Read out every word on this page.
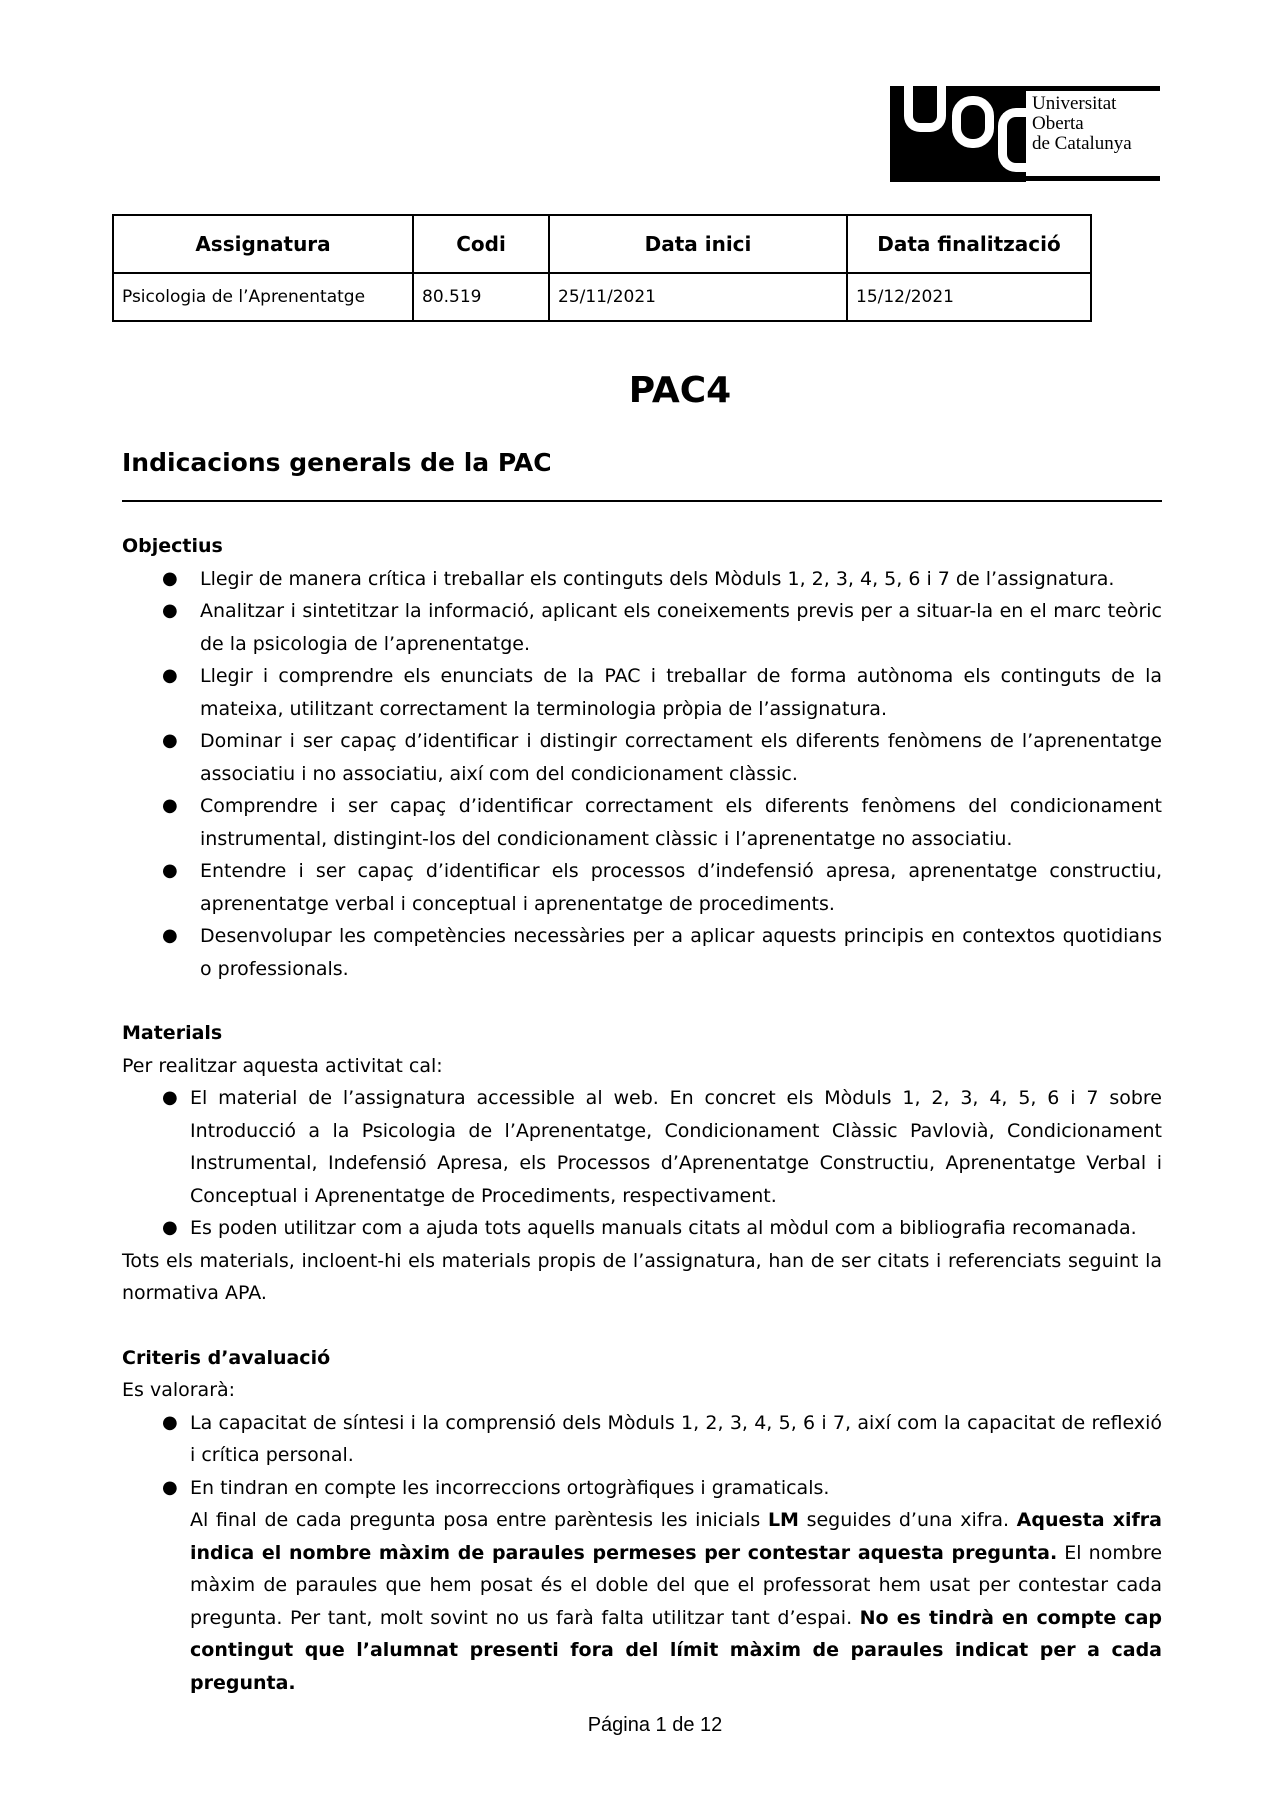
Universitat
Oberta
de Catalunya
Assignatura	Codi	Data inici	Data finalització
Psicologia de l’Aprenentatge	80.519	25/11/2021	15/12/2021
PAC4
Indicacions generals de la PAC

Objectius

● Llegir de manera crítica i treballar els continguts dels Mòduls 1, 2, 3, 4, 5, 6 i 7 de l’assignatura.
● Analitzar i sintetitzar la informació, aplicant els coneixements previs per a situar-la en el marc teòric de la psicologia de l’aprenentatge.
● Llegir i comprendre els enunciats de la PAC i treballar de forma autònoma els continguts de la mateixa, utilitzant correctament la terminologia pròpia de l’assignatura.
● Dominar i ser capaç d’identificar i distingir correctament els diferents fenòmens de l’aprenentatge associatiu i no associatiu, així com del condicionament clàssic.
● Comprendre i ser capaç d’identificar correctament els diferents fenòmens del condicionament instrumental, distingint-los del condicionament clàssic i l’aprenentatge no associatiu.
● Entendre i ser capaç d’identificar els processos d’indefensió apresa, aprenentatge constructiu, aprenentatge verbal i conceptual i aprenentatge de procediments.
● Desenvolupar les competències necessàries per a aplicar aquests principis en contextos quotidians o professionals.

Materials

Per realitzar aquesta activitat cal:

● El material de l’assignatura accessible al web. En concret els Mòduls 1, 2, 3, 4, 5, 6 i 7 sobre Introducció a la Psicologia de l’Aprenentatge, Condicionament Clàssic Pavlovià, Condicionament Instrumental, Indefensió Apresa, els Processos d’Aprenentatge Constructiu, Aprenentatge Verbal i Conceptual i Aprenentatge de Procediments, respectivament.
● Es poden utilitzar com a ajuda tots aquells manuals citats al mòdul com a bibliografia recomanada.

Tots els materials, incloent-hi els materials propis de l’assignatura, han de ser citats i referenciats seguint la normativa APA.

Criteris d’avaluació

Es valorarà:

● La capacitat de síntesi i la comprensió dels Mòduls 1, 2, 3, 4, 5, 6 i 7, així com la capacitat de reflexió i crítica personal.
● En tindran en compte les incorreccions ortogràfiques i gramaticals.

Al final de cada pregunta posa entre parèntesis les inicials LM seguides d’una xifra. Aquesta xifra indica el nombre màxim de paraules permeses per contestar aquesta pregunta. El nombre màxim de paraules que hem posat és el doble del que el professorat hem usat per contestar cada pregunta. Per tant, molt sovint no us farà falta utilitzar tant d’espai. No es tindrà en compte cap contingut que l’alumnat presenti fora del límit màxim de paraules indicat per a cada pregunta.

Página 1 de 12
